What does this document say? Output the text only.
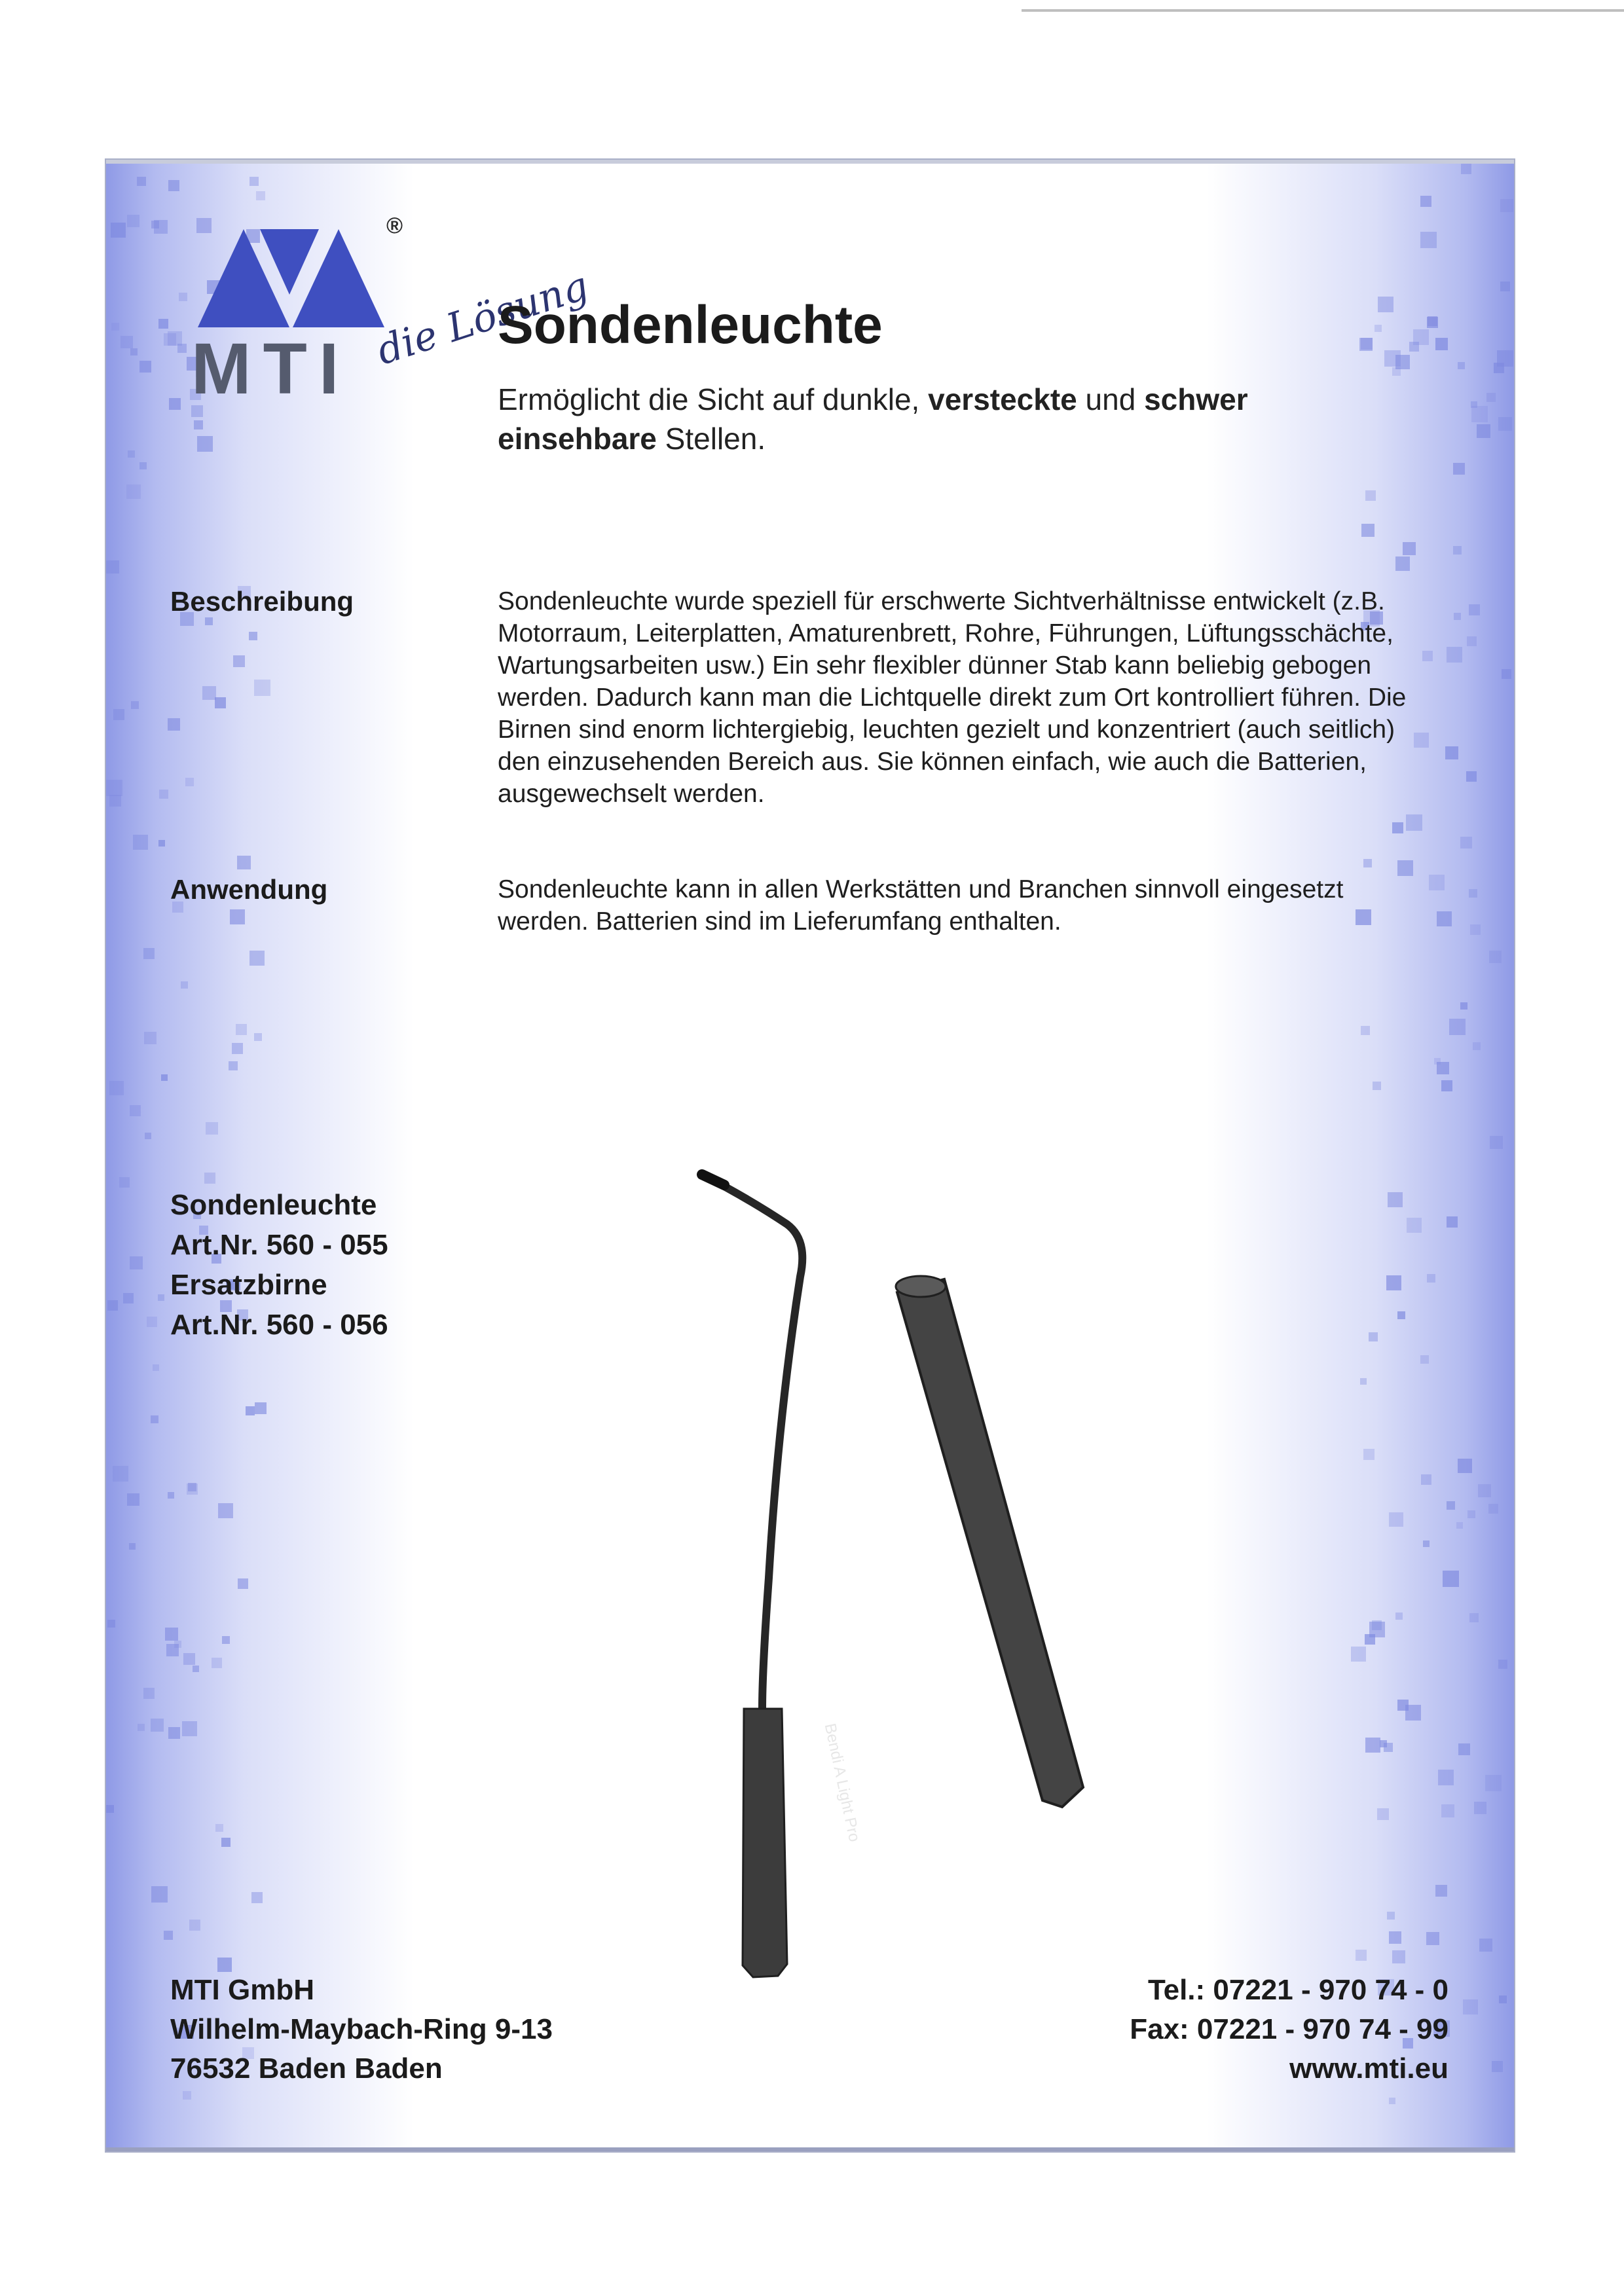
®
MTI die Lösung
Sondenleuchte
Ermöglicht die Sicht auf dunkle, versteckte und schwer einsehbare Stellen.
Beschreibung	Sondenleuchte wurde speziell für erschwerte Sichtverhältnisse entwickelt (z.B. Motorraum, Leiterplatten, Amaturenbrett, Rohre, Führungen, Lüftungsschächte, Wartungsarbeiten usw.) Ein sehr flexibler dünner Stab kann beliebig gebogen werden. Dadurch kann man die Lichtquelle direkt zum Ort kontrolliert führen. Die Birnen sind enorm lichtergiebig, leuchten gezielt und konzentriert (auch seitlich) den einzusehenden Bereich aus. Sie können einfach, wie auch die Batterien, ausgewechselt werden.
Anwendung	Sondenleuchte kann in allen Werkstätten und Branchen sinnvoll eingesetzt werden. Batterien sind im Lieferumfang enthalten.
Sondenleuchte
Art.Nr. 560 - 055
Ersatzbirne
Art.Nr. 560 - 056
Bendi A Light Pro
MTI GmbH
Wilhelm-Maybach-Ring 9-13
76532 Baden Baden
Tel.: 07221 - 970 74 - 0
Fax: 07221 - 970 74 - 99
www.mti.eu
